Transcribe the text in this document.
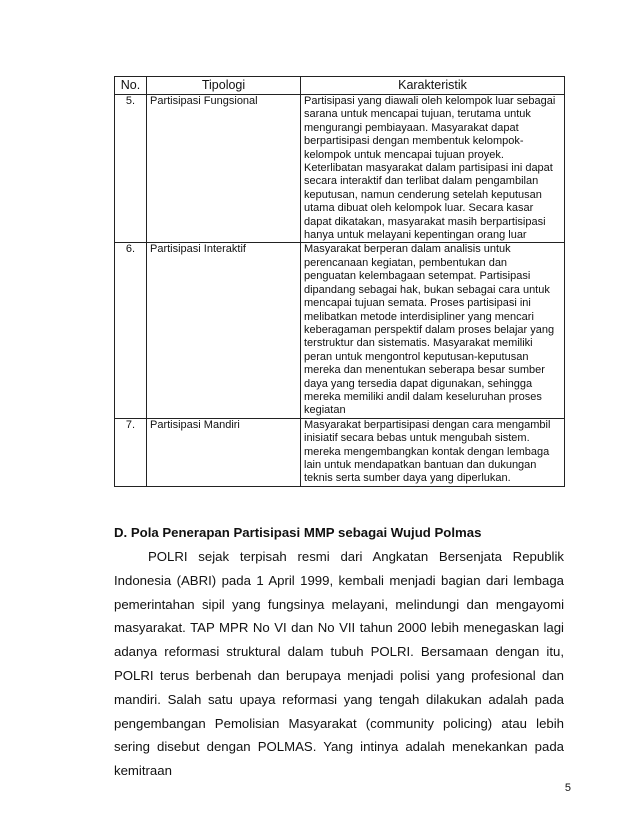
No.	Tipologi	Karakteristik
5.	Partisipasi Fungsional	Partisipasi yang diawali oleh kelompok luar sebagai sarana untuk mencapai tujuan, terutama untuk mengurangi pembiayaan. Masyarakat dapat berpartisipasi dengan membentuk kelompok-kelompok untuk mencapai tujuan proyek. Keterlibatan masyarakat dalam partisipasi ini dapat secara interaktif dan terlibat dalam pengambilan keputusan, namun cenderung setelah keputusan utama dibuat oleh kelompok luar. Secara kasar dapat dikatakan, masyarakat masih berpartisipasi hanya untuk melayani kepentingan orang luar
6.	Partisipasi Interaktif	Masyarakat berperan dalam analisis untuk perencanaan kegiatan, pembentukan dan penguatan kelembagaan setempat. Partisipasi dipandang sebagai hak, bukan sebagai cara untuk mencapai tujuan semata. Proses partisipasi ini melibatkan metode interdisipliner yang mencari keberagaman perspektif dalam proses belajar yang terstruktur dan sistematis. Masyarakat memiliki peran untuk mengontrol keputusan-keputusan mereka dan menentukan seberapa besar sumber daya yang tersedia dapat digunakan, sehingga mereka memiliki andil dalam keseluruhan proses kegiatan
7.	Partisipasi Mandiri	Masyarakat berpartisipasi dengan cara mengambil inisiatif secara bebas untuk mengubah sistem. mereka mengembangkan kontak dengan lembaga lain untuk mendapatkan bantuan dan dukungan teknis serta sumber daya yang diperlukan.
D. Pola Penerapan Partisipasi MMP sebagai Wujud Polmas

POLRI sejak terpisah resmi dari Angkatan Bersenjata Republik Indonesia (ABRI) pada 1 April 1999, kembali menjadi bagian dari lembaga pemerintahan sipil yang fungsinya melayani, melindungi dan mengayomi masyarakat. TAP MPR No VI dan No VII tahun 2000 lebih menegaskan lagi adanya reformasi struktural dalam tubuh POLRI. Bersamaan dengan itu, POLRI terus berbenah dan berupaya menjadi polisi yang profesional dan mandiri. Salah satu upaya reformasi yang tengah dilakukan adalah pada pengembangan Pemolisian Masyarakat (community policing) atau lebih sering disebut dengan POLMAS. Yang intinya adalah menekankan pada kemitraan

5
